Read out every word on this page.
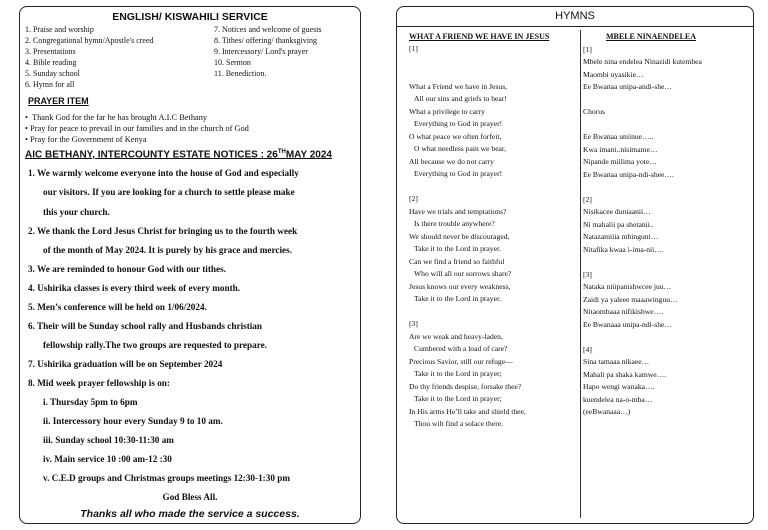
ENGLISH/ KISWAHILI SERVICE
1. Praise and worship
2. Congregational hymn/Apostle's creed
3. Presentations
4. Bible reading
5. Sunday school
6. Hymn for all
7. Notices and welcome of guests
8. Tithes/ offering/ thanksgiving
9. Intercessory/ Lord's prayer
10. Sermon
11. Benediction.
PRAYER ITEM
• Thank God for the far he has brought A.I.C Bethany
• Pray for peace to prevail in our families and in the church of God
• Pray for the Government of Kenya
AIC BETHANY, INTERCOUNTY ESTATE NOTICES : 26THMAY 2024
1. We warmly welcome everyone into the house of God and especially
our visitors. If you are looking for a church to settle please make
this your church.
2. We thank the Lord Jesus Christ for bringing us to the fourth week
of the month of May 2024. It is purely by his grace and mercies.
3. We are reminded to honour God with our tithes.
4. Ushirika classes is every third week of every month.
5. Men’s conference will be held on 1/06/2024.
6. Their will be Sunday school rally and Husbands christian
fellowship rally.The two groups are requested to prepare.
7. Ushirika graduation will be on September 2024
8. Mid week prayer fellowship is on:
i. Thursday 5pm to 6pm
ii. Intercessory hour every Sunday 9 to 10 am.
iii. Sunday school 10:30-11:30 am
iv. Main service 10 :00 am-12 :30
v. C.E.D groups and Christmas groups meetings 12:30-1:30 pm
God Bless All.
Thanks all who made the service a success.
HYMNS
WHAT A FRIEND WE HAVE IN JESUS
[1]
What a Friend we have in Jesus,
All our sins and griefs to bear!
What a privilege to carry
Everything to God in prayer!
O what peace we often forfeit,
O what needless pain we bear,
All because we do not carry
Everything to God in prayer!
[2]
Have we trials and temptations?
Is there trouble anywhere?
We should never be discouraged,
Take it to the Lord in prayer.
Can we find a friend so faithful
Who will all our sorrows share?
Jesus knows our every weakness,
Take it to the Lord in prayer.
[3]
Are we weak and heavy-laden,
Cumbered with a load of care?
Precious Savior, still our refuge—
Take it to the Lord in prayer;
Do thy friends despise, forsake thee?
Take it to the Lord in prayer;
In His arms He’ll take and shield thee,
Thou wilt find a solace there.
MBELE NINAENDELEA
[1]
Mbele nina endelea Ninazidi kutembea
Maombi uyasikie…
Ee Bwanaa unipa-andi-she…
Chorus
Ee Bwanaa uniinue…..
Kwa imani..nisimame…
Nipande miilima yote…
Ee Bwanaa unipa-ndi-shee….
[2]
Nisikacee duniaanii…
Ni mahalii pa shetanii..
Natazamiiia mbinguni…
Nitafika kwaa i-ima-nii….
[3]
Nataka niiipanishwcee juu…
Zaidi ya yaleee maaawinguu…
Nitaombaaa nifikishwe….
Ee Bwanaaa unipa-ndi-she…
[4]
Sina tamaaa nikaee…
Mahali pa shaka kamwe….
Hapo wengi wanaka….
kuendelea na-o-mba…
(eeBwanaaa…)
